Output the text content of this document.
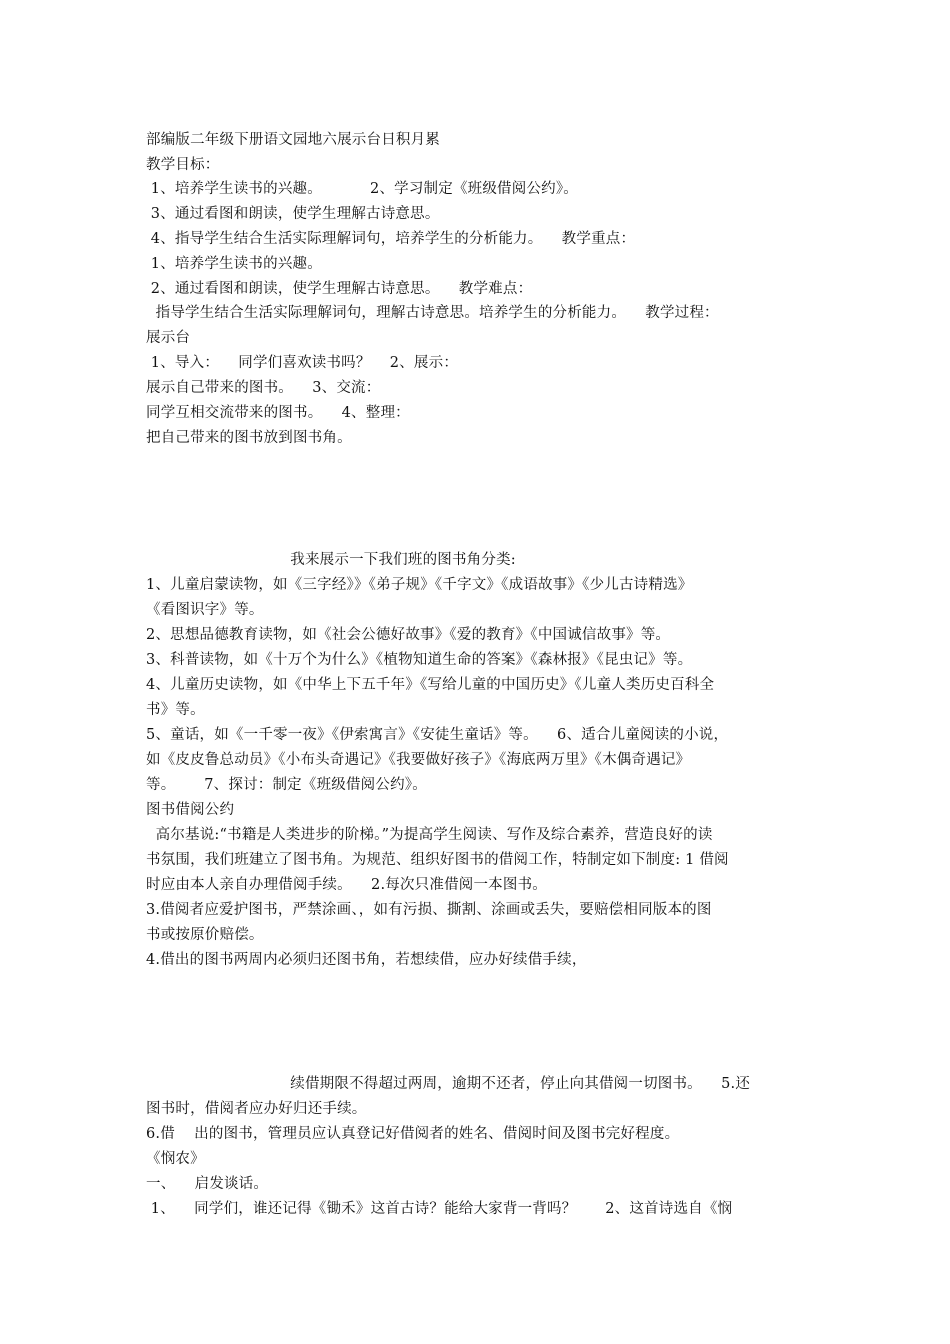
部编版二年级下册语文园地六展示台日积月累
教学目标：
1、培养学生读书的兴趣。          2、学习制定《班级借阅公约》。
3、通过看图和朗读，使学生理解古诗意思。
4、指导学生结合生活实际理解词句，培养学生的分析能力。    教学重点：
1、培养学生读书的兴趣。
2、通过看图和朗读，使学生理解古诗意思。    教学难点：
指导学生结合生活实际理解词句，理解古诗意思。培养学生的分析能力。    教学过程：
展示台
1、导入：    同学们喜欢读书吗？    2、展示：
展示自己带来的图书。    3、交流：
同学互相交流带来的图书。    4、整理：
把自己带来的图书放到图书角。
我来展示一下我们班的图书角分类:
1、儿童启蒙读物，如《三字经》》《弟子规》《千字文》《成语故事》《少儿古诗精选》
《看图识字》等。
2、思想品德教育读物，如《社会公德好故事》《爱的教育》《中国诚信故事》等。
3、科普读物，如《十万个为什么》《植物知道生命的答案》《森林报》《昆虫记》等。
4、儿童历史读物，如《中华上下五千年》《写给儿童的中国历史》《儿童人类历史百科全
书》等。
5、童话，如《一千零一夜》《伊索寓言》《安徒生童话》等。    6、适合儿童阅读的小说，
如《皮皮鲁总动员》《小布头奇遇记》《我要做好孩子》《海底两万里》《木偶奇遇记》
等。      7、探讨：制定《班级借阅公约》。
图书借阅公约
高尔基说:“书籍是人类进步的阶梯。”为提高学生阅读、写作及综合素养，营造良好的读
书氛围，我们班建立了图书角。为规范、组织好图书的借阅工作，特制定如下制度: 1 借阅
时应由本人亲自办理借阅手续。    2.每次只准借阅一本图书。
3.借阅者应爱护图书，严禁涂画、，如有污损、撕割、涂画或丢失，要赔偿相同版本的图
书或按原价赔偿。
4.借出的图书两周内必须归还图书角，若想续借，应办好续借手续，
续借期限不得超过两周，逾期不还者，停止向其借阅一切图书。    5.还
图书时，借阅者应办好归还手续。
6.借    出的图书，管理员应认真登记好借阅者的姓名、借阅时间及图书完好程度。
《悯农》
一、    启发谈话。
1、    同学们，谁还记得《锄禾》这首古诗？能给大家背一背吗？      2、这首诗选自《悯
